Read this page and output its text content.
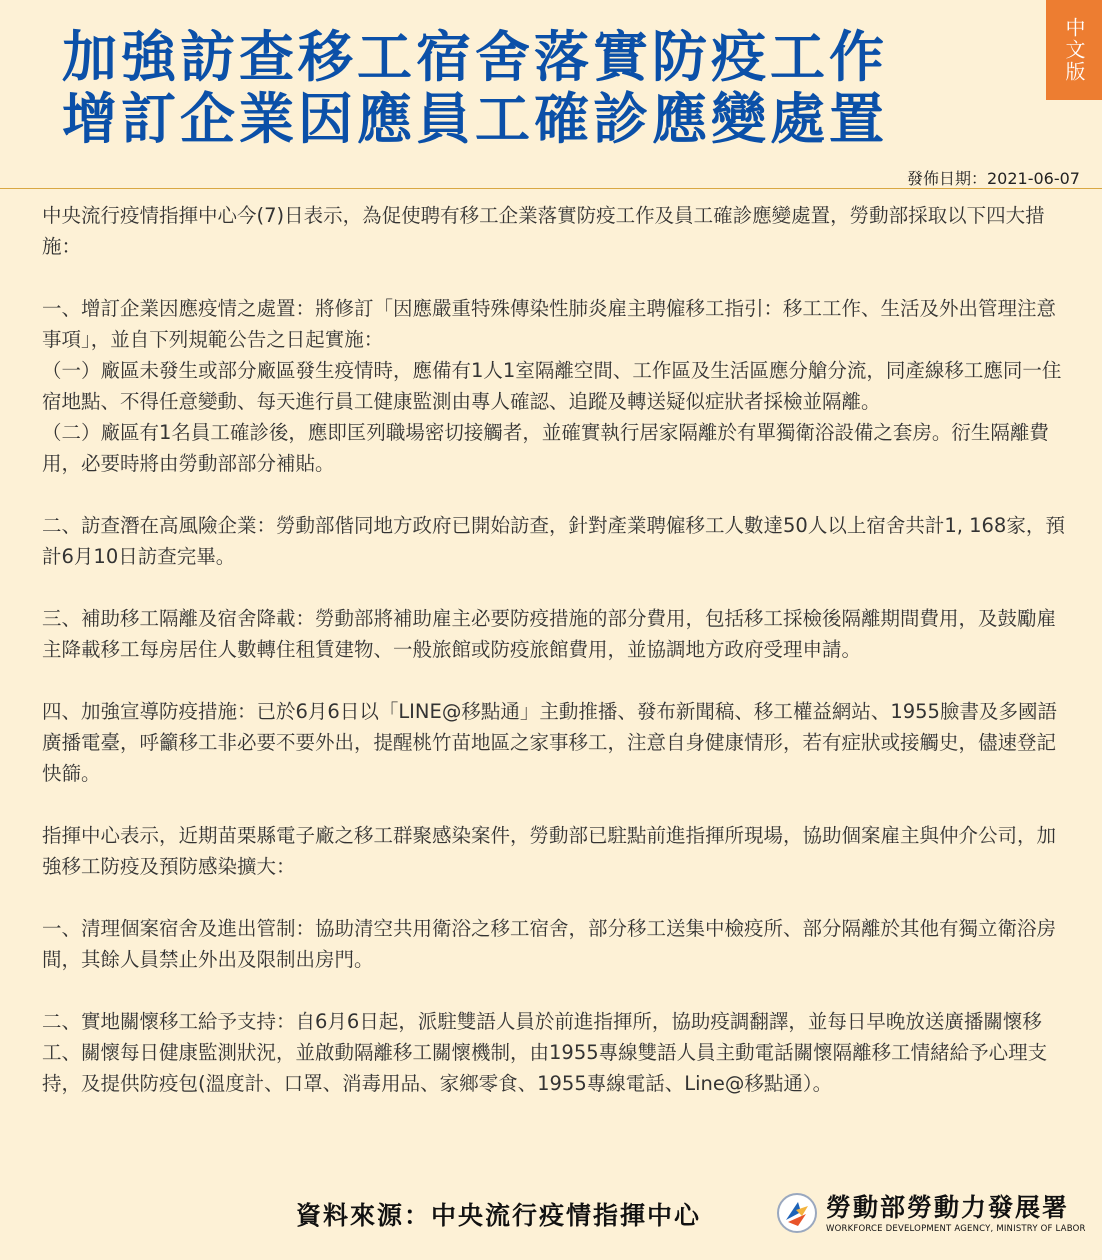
加強訪查移工宿舍落實防疫工作
增訂企業因應員工確診應變處置
中文版
發佈日期：2021-06-07

中央流行疫情指揮中心今(7)日表示，為促使聘有移工企業落實防疫工作及員工確診應變處置，勞動部採取以下四大措施：

一、增訂企業因應疫情之處置：將修訂「因應嚴重特殊傳染性肺炎雇主聘僱移工指引：移工工作、生活及外出管理注意事項」，並自下列規範公告之日起實施：

（一）廠區未發生或部分廠區發生疫情時，應備有1人1室隔離空間、工作區及生活區應分艙分流，同產線移工應同一住宿地點、不得任意變動、每天進行員工健康監測由專人確認、追蹤及轉送疑似症狀者採檢並隔離。

（二）廠區有1名員工確診後，應即匡列職場密切接觸者，並確實執行居家隔離於有單獨衛浴設備之套房。衍生隔離費用，必要時將由勞動部部分補貼。

二、訪查潛在高風險企業：勞動部偕同地方政府已開始訪查，針對產業聘僱移工人數達50人以上宿舍共計1, 168家，預計6月10日訪查完畢。

三、補助移工隔離及宿舍降載：勞動部將補助雇主必要防疫措施的部分費用，包括移工採檢後隔離期間費用，及鼓勵雇主降載移工每房居住人數轉住租賃建物、一般旅館或防疫旅館費用，並協調地方政府受理申請。

四、加強宣導防疫措施：已於6月6日以「LINE@移點通」主動推播、發布新聞稿、移工權益網站、1955臉書及多國語廣播電臺，呼籲移工非必要不要外出，提醒桃竹苗地區之家事移工，注意自身健康情形，若有症狀或接觸史，儘速登記快篩。

指揮中心表示，近期苗栗縣電子廠之移工群聚感染案件，勞動部已駐點前進指揮所現場，協助個案雇主與仲介公司，加強移工防疫及預防感染擴大：

一、清理個案宿舍及進出管制：協助清空共用衛浴之移工宿舍，部分移工送集中檢疫所、部分隔離於其他有獨立衛浴房間，其餘人員禁止外出及限制出房門。

二、實地關懷移工給予支持：自6月6日起，派駐雙語人員於前進指揮所，協助疫調翻譯，並每日早晚放送廣播關懷移工、關懷每日健康監測狀況，並啟動隔離移工關懷機制，由1955專線雙語人員主動電話關懷隔離移工情緒給予心理支持，及提供防疫包(溫度計、口罩、消毒用品、家鄉零食、1955專線電話、Line@移點通）。

資料來源：中央流行疫情指揮中心	勞動部勞動力發展署
WORKFORCE DEVELOPMENT AGENCY, MINISTRY OF LABOR
